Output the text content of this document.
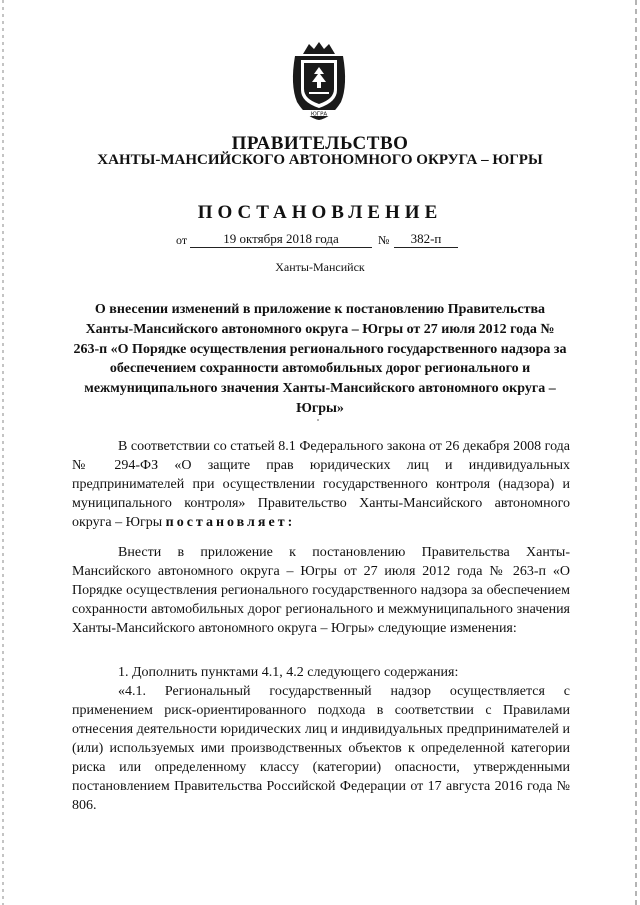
ЮГРА
ПРАВИТЕЛЬСТВО
ХАНТЫ-МАНСИЙСКОГО АВТОНОМНОГО ОКРУГА – ЮГРЫ
ПОСТАНОВЛЕНИЕ
от	19 октября 2018 года	№	382-п
Ханты-Мансийск
О внесении изменений в приложение к постановлению Правительства Ханты-Мансийского автономного округа – Югры от 27 июля 2012 года № 263-п «О Порядке осуществления регионального государственного надзора за обеспечением сохранности автомобильных дорог регионального и межмуниципального значения Ханты-Мансийского автономного округа – Югры»
В соответствии со статьей 8.1 Федерального закона от 26 декабря 2008 года № 294-ФЗ «О защите прав юридических лиц и индивидуальных предпринимателей при осуществлении государственного контроля (надзора) и муниципального контроля» Правительство Ханты-Мансийского автономного округа – Югры постановляет:
Внести в приложение к постановлению Правительства Ханты-Мансийского автономного округа – Югры от 27 июля 2012 года № 263-п «О Порядке осуществления регионального государственного надзора за обеспечением сохранности автомобильных дорог регионального и межмуниципального значения Ханты-Мансийского автономного округа – Югры» следующие изменения:
1. Дополнить пунктами 4.1, 4.2 следующего содержания:
«4.1. Региональный государственный надзор осуществляется с применением риск-ориентированного подхода в соответствии с Правилами отнесения деятельности юридических лиц и индивидуальных предпринимателей и (или) используемых ими производственных объектов к определенной категории риска или определенному классу (категории) опасности, утвержденными постановлением Правительства Российской Федерации от 17 августа 2016 года № 806.
